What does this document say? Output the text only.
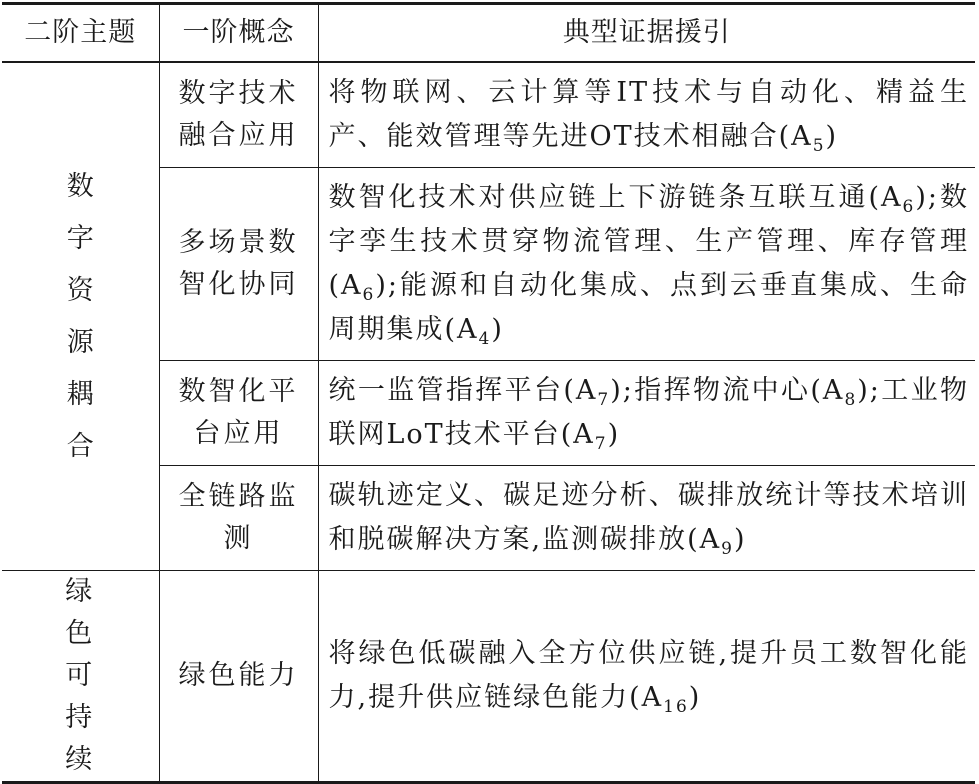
二阶主题	一阶概念	典型证据援引
数字资源耦合	数字技术融合应用	将物联网、云计算等IT技术与自动化、精益生产、能效管理等先进OT技术相融合$(A_5)$
	多场景数智化协同	数智化技术对供应链上下游链条互联互通$(A_6)$;数字孪生技术贯穿物流管理、生产管理、库存管理$(A_6)$;能源和自动化集成、点到云垂直集成、生命周期集成$(A_4)$
	数智化平台应用	统一监管指挥平台$(A_7)$;指挥物流中心$(A_8)$;工业物联网LoT技术平台$(A_7)$
	全链路监测	碳轨迹定义、碳足迹分析、碳排放统计等技术培训和脱碳解决方案,监测碳排放$(A_9)$
绿色可持续	绿色能力	将绿色低碳融入全方位供应链,提升员工数智化能力,提升供应链绿色能力$(A_{16})$
